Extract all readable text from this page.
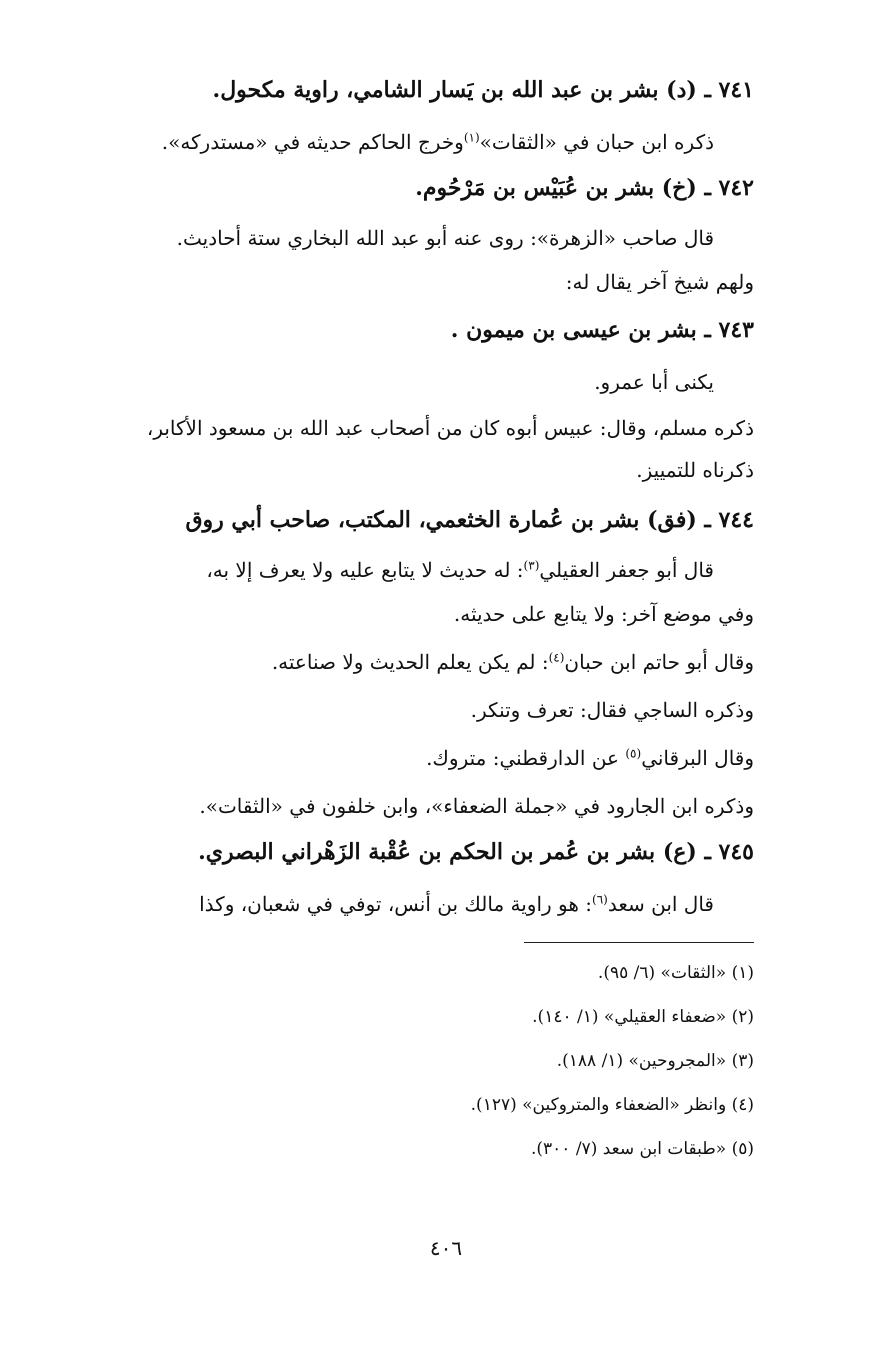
٧٤١ ـ (د) بشر بن عبد الله بن يَسار الشامي، راوية مكحول.
ذكره ابن حبان في «الثقات»$^{(١)}$وخرج الحاكم حديثه في «مستدركه».
٧٤٢ ـ (خ) بشر بن عُبَيْس بن مَرْحُوم.
قال صاحب «الزهرة»: روى عنه أبو عبد الله البخاري ستة أحاديث.
ولهم شيخ آخر يقال له:
٧٤٣ ـ بشر بن عيسى بن ميمون .
يكنى أبا عمرو.
ذكره مسلم، وقال: عبيس أبوه كان من أصحاب عبد الله بن مسعود الأكابر،
ذكرناه للتمييز.
٧٤٤ ـ (فق) بشر بن عُمارة الخثعمي، المكتب، صاحب أبي روق
قال أبو جعفر العقيلي$^{(٣)}$: له حديث لا يتابع عليه ولا يعرف إلا به،
وفي موضع آخر: ولا يتابع على حديثه.
وقال أبو حاتم ابن حبان$^{(٤)}$: لم يكن يعلم الحديث ولا صناعته.
وذكره الساجي فقال: تعرف وتنكر.
وقال البرقاني$^{(٥)}$ عن الدارقطني: متروك.
وذكره ابن الجارود في «جملة الضعفاء»، وابن خلفون في «الثقات».
٧٤٥ ـ (ع) بشر بن عُمر بن الحكم بن عُقْبة الزَهْراني البصري.
قال ابن سعد$^{(٦)}$: هو راوية مالك بن أنس، توفي في شعبان، وكذا
(١) «الثقات» (٦/ ٩٥).
(٢) «ضعفاء العقيلي» (١/ ١٤٠).
(٣) «المجروحين» (١/ ١٨٨).
(٤) وانظر «الضعفاء والمتروكين» (١٢٧).
(٥) «طبقات ابن سعد (٧/ ٣٠٠).
٤٠٦
